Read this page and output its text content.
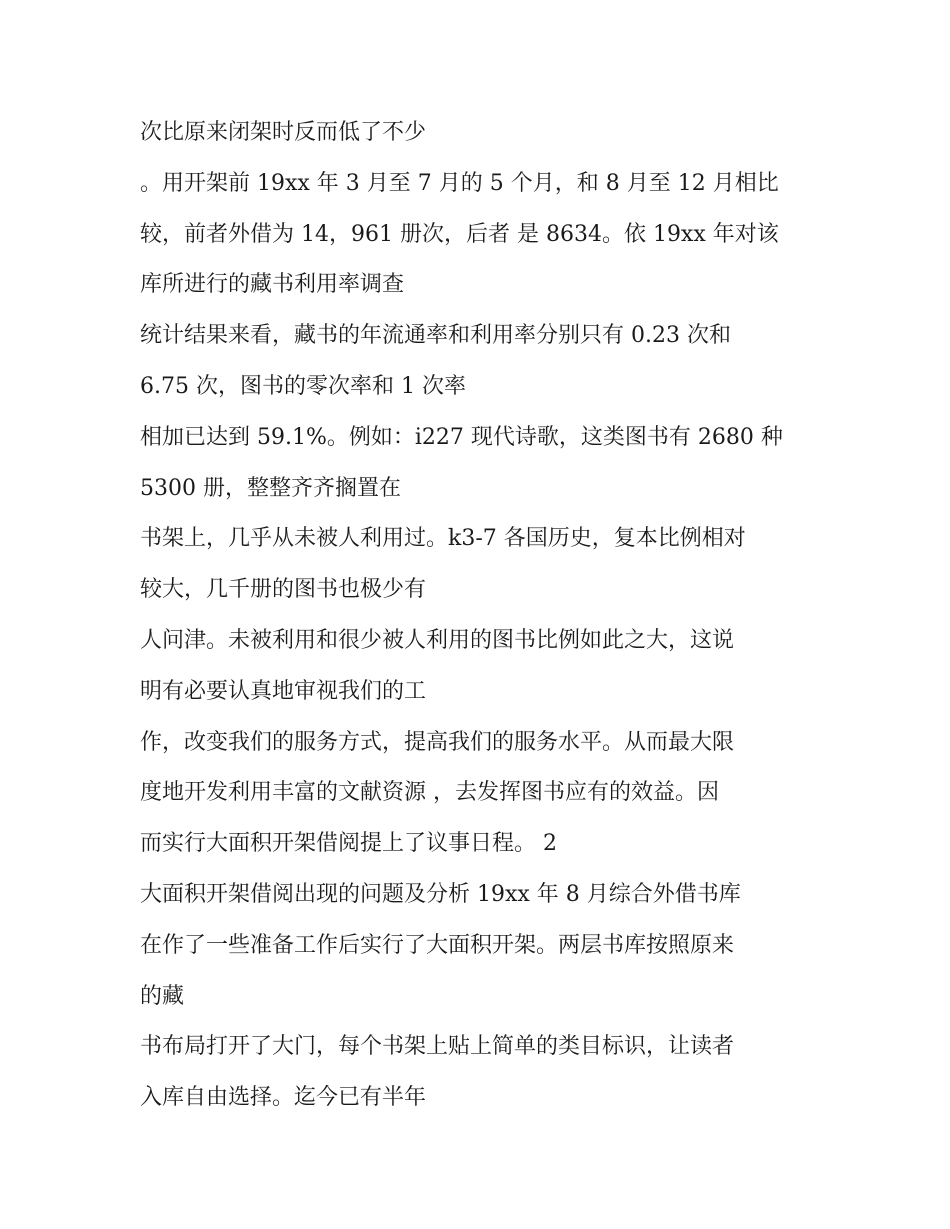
次比原来闭架时反而低了不少
。用开架前 19xx 年 3 月至 7 月的 5 个月，和 8 月至 12 月相比
较，前者外借为 14，961 册次，后者 是 8634。依 19xx 年对该
库所进行的藏书利用率调查
统计结果来看，藏书的年流通率和利用率分别只有 0.23 次和
6.75 次，图书的零次率和 1 次率
相加已达到 59.1%。例如：i227 现代诗歌，这类图书有 2680 种
5300 册，整整齐齐搁置在
书架上，几乎从未被人利用过。k3-7 各国历史，复本比例相对
较大，几千册的图书也极少有
人问津。未被利用和很少被人利用的图书比例如此之大，这说
明有必要认真地审视我们的工
作，改变我们的服务方式，提高我们的服务水平。从而最大限
度地开发利用丰富的文献资源 ，去发挥图书应有的效益。因
而实行大面积开架借阅提上了议事日程。 2
大面积开架借阅出现的问题及分析 19xx 年 8 月综合外借书库
在作了一些准备工作后实行了大面积开架。两层书库按照原来
的藏
书布局打开了大门，每个书架上贴上简单的类目标识，让读者
入库自由选择。迄今已有半年
